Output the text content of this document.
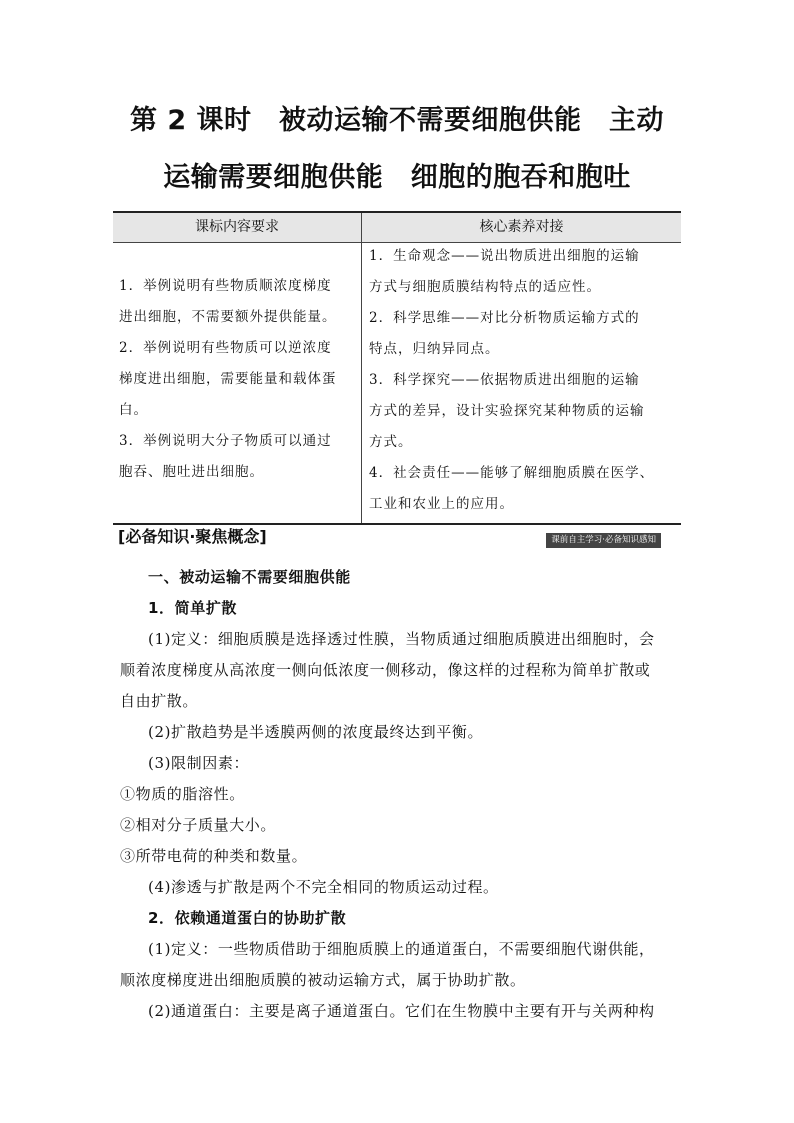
第 2 课时　被动运输不需要细胞供能　主动
运输需要细胞供能　细胞的胞吞和胞吐
课标内容要求	核心素养对接
1．举例说明有些物质顺浓度梯度
进出细胞，不需要额外提供能量。
2．举例说明有些物质可以逆浓度
梯度进出细胞，需要能量和载体蛋
白。
3．举例说明大分子物质可以通过
胞吞、胞吐进出细胞。
1．生命观念——说出物质进出细胞的运输
方式与细胞质膜结构特点的适应性。
2．科学思维——对比分析物质运输方式的
特点，归纳异同点。
3．科学探究——依据物质进出细胞的运输
方式的差异，设计实验探究某种物质的运输
方式。
4．社会责任——能够了解细胞质膜在医学、
工业和农业上的应用。
[必备知识·聚焦概念]	课前自主学习·必备知识感知

一、被动运输不需要细胞供能

1．简单扩散

(1)定义：细胞质膜是选择透过性膜，当物质通过细胞质膜进出细胞时，会

顺着浓度梯度从高浓度一侧向低浓度一侧移动，像这样的过程称为简单扩散或

自由扩散。

(2)扩散趋势是半透膜两侧的浓度最终达到平衡。

(3)限制因素：

①物质的脂溶性。

②相对分子质量大小。

③所带电荷的种类和数量。

(4)渗透与扩散是两个不完全相同的物质运动过程。

2．依赖通道蛋白的协助扩散

(1)定义：一些物质借助于细胞质膜上的通道蛋白，不需要细胞代谢供能，

顺浓度梯度进出细胞质膜的被动运输方式，属于协助扩散。

(2)通道蛋白：主要是离子通道蛋白。它们在生物膜中主要有开与关两种构
